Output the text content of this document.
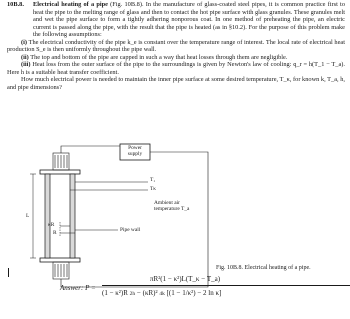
10B.8. Electrical heating of a pipe (Fig. 10B.8). In the manufacture of glass-coated steel pipes, it is common practice first to heat the pipe to the melting range of glass and then to contact the hot pipe surface with glass granules. These granules melt and wet the pipe surface to form a tightly adhering nonporous coat. In one method of preheating the pipe, an electric current is passed along the pipe, with the result that the pipe is heated (as in §10.2). For the purpose of this problem make the following assumptions:

(i) The electrical conductivity of the pipe k_e is constant over the temperature range of interest. The local rate of electrical heat production S_e is then uniformly throughout the pipe wall.

(ii) The top and bottom of the pipe are capped in such a way that heat losses through them are negligible.

(iii) Heat loss from the outer surface of the pipe to the surroundings is given by Newton's law of cooling: q_r = h(T_1 − T_a). Here h is a suitable heat transfer coefficient.

How much electrical power is needed to maintain the inner pipe surface at some desired temperature, T_κ, for known k, T_a, h, and pipe dimensions?

Power
supply
T₁
Tκ
Ambient air
temperature T_a
Pipe wall
L
κR
R
Fig. 10B.8. Electrical heating of a pipe.
Answer: P =
πR²(1 − κ²)L(T_κ − T_a)
(1 − κ²)R 2h − (κR)² 4k [(1 − 1/κ²) − 2 ln κ]
